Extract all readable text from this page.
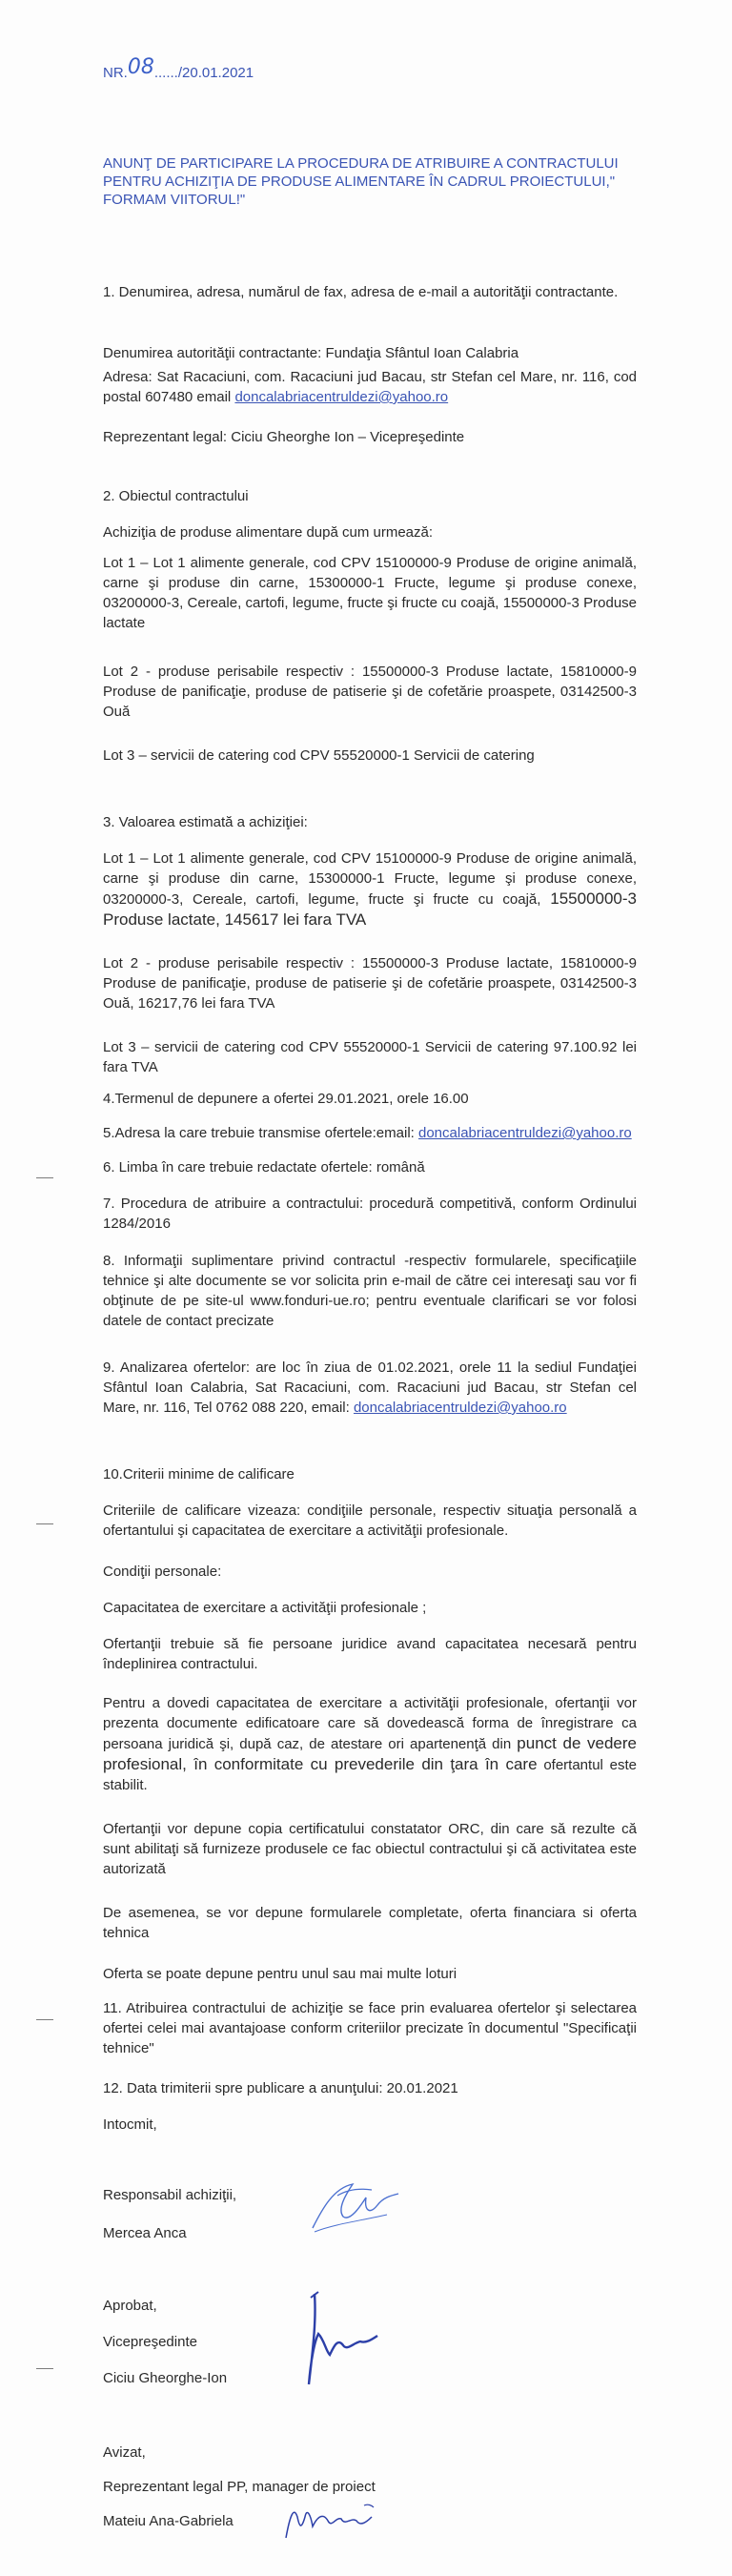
NR.08....../20.01.2021
ANUNŢ DE PARTICIPARE LA PROCEDURA DE ATRIBUIRE A CONTRACTULUI PENTRU ACHIZIŢIA DE PRODUSE ALIMENTARE ÎN CADRUL PROIECTULUI," FORMAM VIITORUL!"
1. Denumirea, adresa, numărul de fax, adresa de e-mail a autorităţii contractante.
Denumirea autorităţii contractante: Fundaţia Sfântul Ioan Calabria
Adresa: Sat Racaciuni, com. Racaciuni jud Bacau, str Stefan cel Mare, nr. 116, cod postal 607480 email doncalabriacentruldezi@yahoo.ro
Reprezentant legal: Ciciu Gheorghe Ion – Vicepreşedinte
2. Obiectul contractului
Achiziţia de produse alimentare după cum urmează:
Lot 1 – Lot 1 alimente generale, cod CPV 15100000-9 Produse de origine animală, carne şi produse din carne, 15300000-1 Fructe, legume şi produse conexe, 03200000-3, Cereale, cartofi, legume, fructe şi fructe cu coajă, 15500000-3 Produse lactate
Lot 2 - produse perisabile respectiv : 15500000-3 Produse lactate, 15810000-9 Produse de panificaţie, produse de patiserie şi de cofetărie proaspete, 03142500-3 Ouă
Lot 3 – servicii de catering cod CPV 55520000-1 Servicii de catering
3. Valoarea estimată a achiziţiei:
Lot 1 – Lot 1 alimente generale, cod CPV 15100000-9 Produse de origine animală, carne şi produse din carne, 15300000-1 Fructe, legume şi produse conexe, 03200000-3, Cereale, cartofi, legume, fructe şi fructe cu coajă, 15500000-3 Produse lactate, 145617 lei fara TVA
Lot 2 - produse perisabile respectiv : 15500000-3 Produse lactate, 15810000-9 Produse de panificaţie, produse de patiserie şi de cofetărie proaspete, 03142500-3 Ouă, 16217,76 lei fara TVA
Lot 3 – servicii de catering cod CPV 55520000-1 Servicii de catering 97.100.92 lei fara TVA
4.Termenul de depunere a ofertei 29.01.2021, orele 16.00
5.Adresa la care trebuie transmise ofertele:email: doncalabriacentruldezi@yahoo.ro
6. Limba în care trebuie redactate ofertele: română
7. Procedura de atribuire a contractului: procedură competitivă, conform Ordinului 1284/2016
8. Informaţii suplimentare privind contractul -respectiv formularele, specificaţiile tehnice şi alte documente se vor solicita prin e-mail de către cei interesaţi sau vor fi obţinute de pe site-ul www.fonduri-ue.ro; pentru eventuale clarificari se vor folosi datele de contact precizate
9. Analizarea ofertelor: are loc în ziua de 01.02.2021, orele 11 la sediul Fundaţiei Sfântul Ioan Calabria, Sat Racaciuni, com. Racaciuni jud Bacau, str Stefan cel Mare, nr. 116, Tel 0762 088 220, email: doncalabriacentruldezi@yahoo.ro
10.Criterii minime de calificare
Criteriile de calificare vizeaza: condiţiile personale, respectiv situaţia personală a ofertantului şi capacitatea de exercitare a activităţii profesionale.
Condiţii personale:
Capacitatea de exercitare a activităţii profesionale ;
Ofertanţii trebuie să fie persoane juridice avand capacitatea necesară pentru îndeplinirea contractului.
Pentru a dovedi capacitatea de exercitare a activităţii profesionale, ofertanţii vor prezenta documente edificatoare care să dovedească forma de înregistrare ca persoana juridică şi, după caz, de atestare ori apartenenţă din punct de vedere profesional, în conformitate cu prevederile din ţara în care ofertantul este stabilit.
Ofertanţii vor depune copia certificatului constatator ORC, din care să rezulte că sunt abilitaţi să furnizeze produsele ce fac obiectul contractului şi că activitatea este autorizată
De asemenea, se vor depune formularele completate, oferta financiara si oferta tehnica
Oferta se poate depune pentru unul sau mai multe loturi
11. Atribuirea contractului de achiziţie se face prin evaluarea ofertelor şi selectarea ofertei celei mai avantajoase conform criteriilor precizate în documentul "Specificaţii tehnice"
12. Data trimiterii spre publicare a anunţului: 20.01.2021
Intocmit,
Responsabil achiziţii,
Mercea Anca
Aprobat,
Vicepreşedinte
Ciciu Gheorghe-Ion
Avizat,
Reprezentant legal PP, manager de proiect
Mateiu Ana-Gabriela
